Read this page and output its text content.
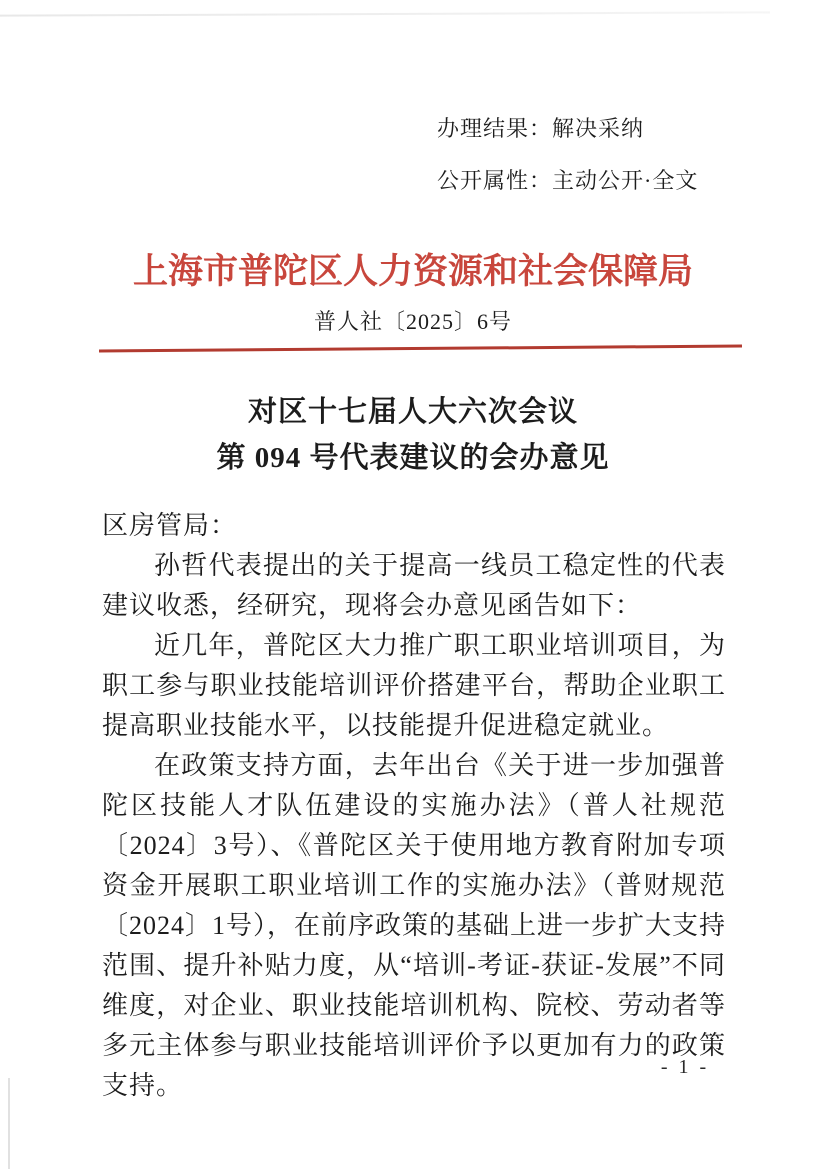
办理结果：解决采纳
公开属性：主动公开·全文
上海市普陀区人力资源和社会保障局
普人社〔2025〕6号
对区十七届人大六次会议
第 094 号代表建议的会办意见

区房管局：

孙哲代表提出的关于提高一线员工稳定性的代表建议收悉，经研究，现将会办意见函告如下：

近几年，普陀区大力推广职工职业培训项目，为职工参与职业技能培训评价搭建平台，帮助企业职工提高职业技能水平，以技能提升促进稳定就业。

在政策支持方面，去年出台《关于进一步加强普陀区技能人才队伍建设的实施办法》（普人社规范〔2024〕3号）、《普陀区关于使用地方教育附加专项资金开展职工职业培训工作的实施办法》（普财规范〔2024〕1号），在前序政策的基础上进一步扩大支持范围、提升补贴力度，从“培训-考证-获证-发展”不同维度，对企业、职业技能培训机构、院校、劳动者等多元主体参与职业技能培训评价予以更加有力的政策支持。

- 1 -
